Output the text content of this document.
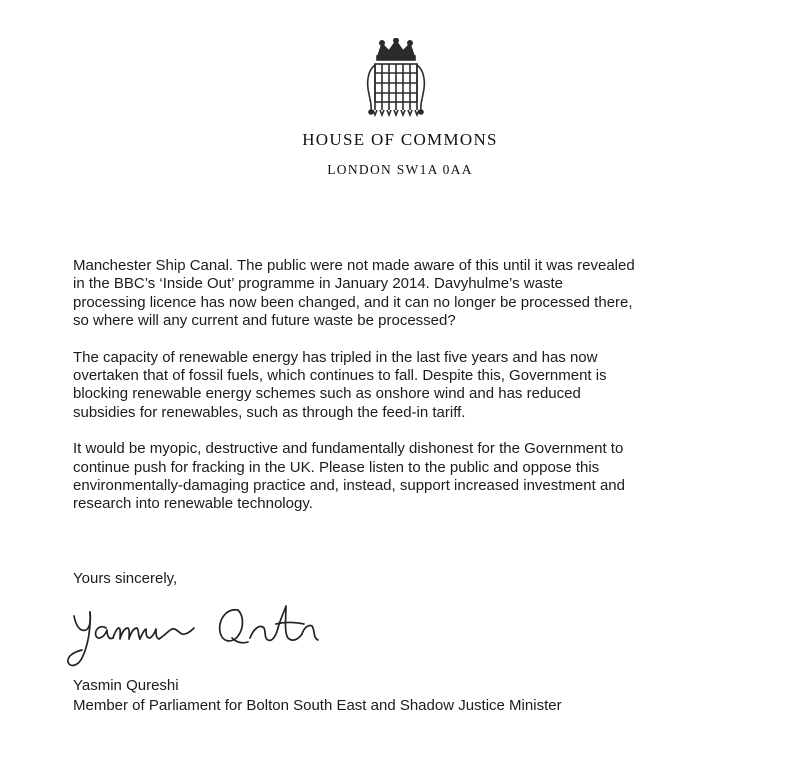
HOUSE OF COMMONS
LONDON SW1A 0AA

Manchester Ship Canal. The public were not made aware of this until it was revealed
in the BBC’s ‘Inside Out’ programme in January 2014. Davyhulme’s waste
processing licence has now been changed, and it can no longer be processed there,
so where will any current and future waste be processed?

The capacity of renewable energy has tripled in the last five years and has now
overtaken that of fossil fuels, which continues to fall. Despite this, Government is
blocking renewable energy schemes such as onshore wind and has reduced
subsidies for renewables, such as through the feed-in tariff.

It would be myopic, destructive and fundamentally dishonest for the Government to
continue push for fracking in the UK. Please listen to the public and oppose this
environmentally-damaging practice and, instead, support increased investment and
research into renewable technology.

Yours sincerely,
Yasmin Qureshi
Member of Parliament for Bolton South East and Shadow Justice Minister
